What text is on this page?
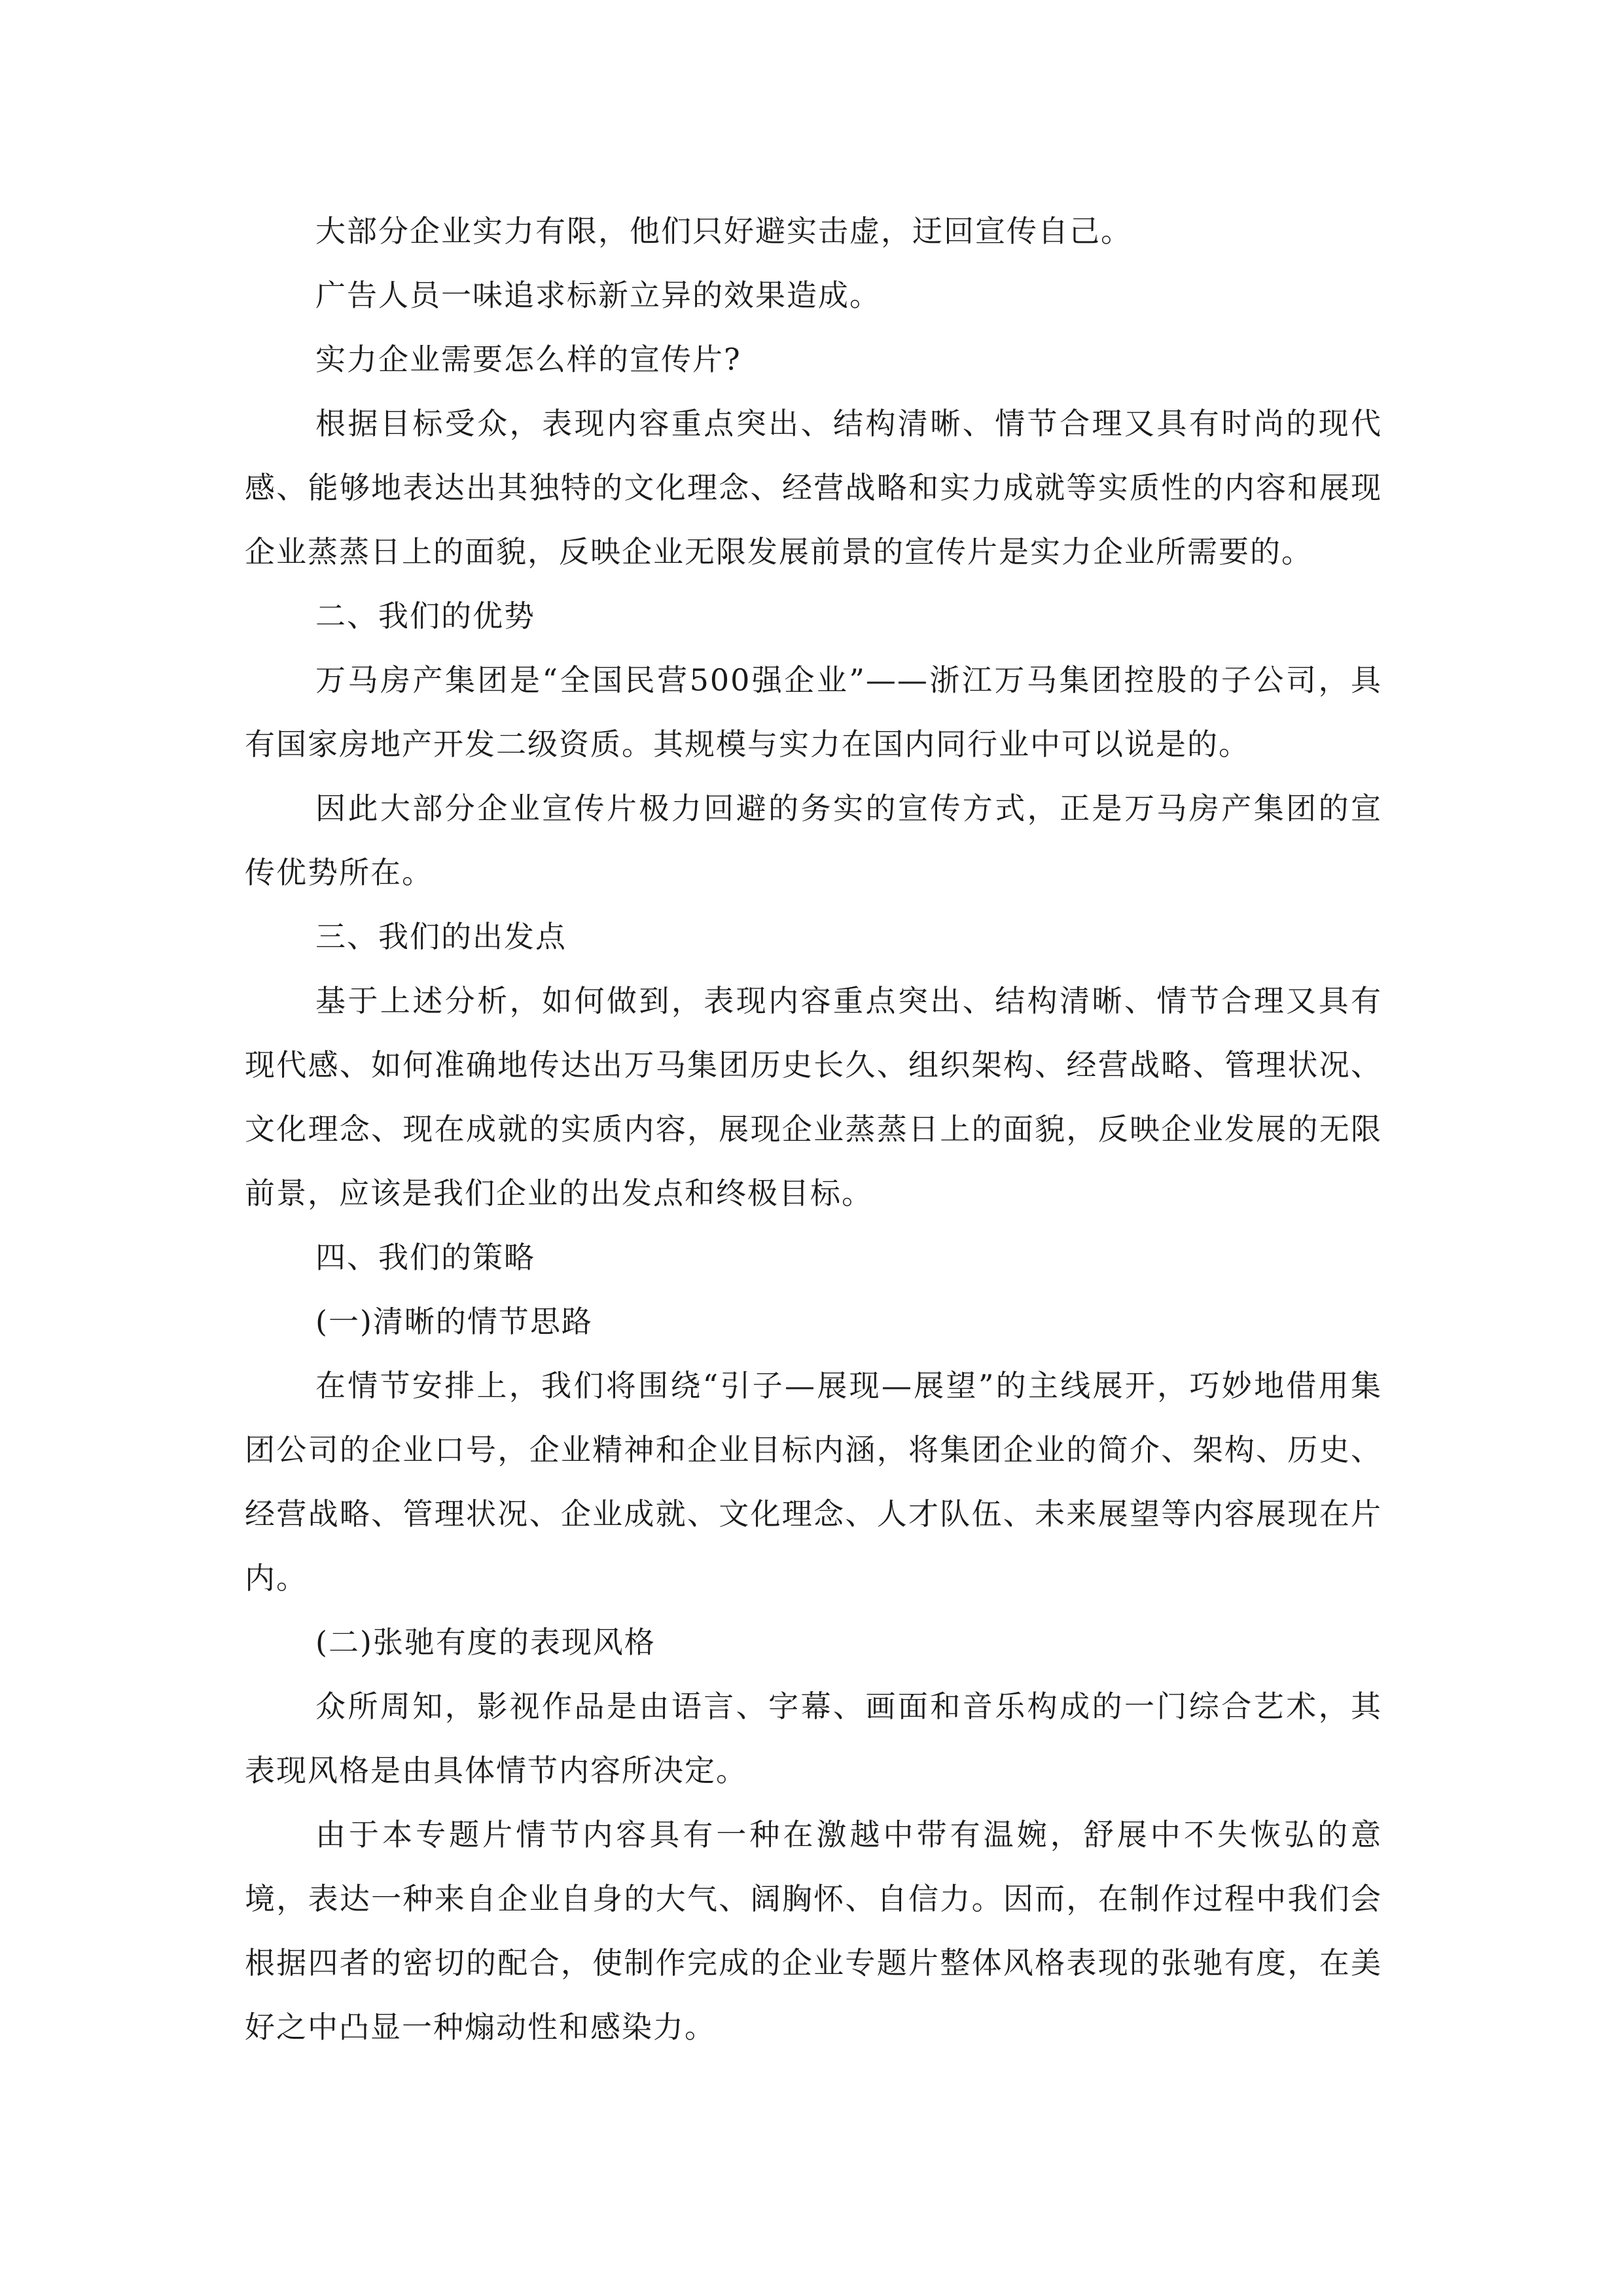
大部分企业实力有限，他们只好避实击虚，迂回宣传自己。

广告人员一味追求标新立异的效果造成。

实力企业需要怎么样的宣传片?

根据目标受众，表现内容重点突出、结构清晰、情节合理又具有时尚的现代感、能够地表达出其独特的文化理念、经营战略和实力成就等实质性的内容和展现企业蒸蒸日上的面貌，反映企业无限发展前景的宣传片是实力企业所需要的。

二、我们的优势

万马房产集团是“全国民营500强企业”——浙江万马集团控股的子公司，具有国家房地产开发二级资质。其规模与实力在国内同行业中可以说是的。

因此大部分企业宣传片极力回避的务实的宣传方式，正是万马房产集团的宣传优势所在。

三、我们的出发点

基于上述分析，如何做到，表现内容重点突出、结构清晰、情节合理又具有现代感、如何准确地传达出万马集团历史长久、组织架构、经营战略、管理状况、文化理念、现在成就的实质内容，展现企业蒸蒸日上的面貌，反映企业发展的无限前景，应该是我们企业的出发点和终极目标。

四、我们的策略

(一)清晰的情节思路

在情节安排上，我们将围绕“引子—展现—展望”的主线展开，巧妙地借用集团公司的企业口号，企业精神和企业目标内涵，将集团企业的简介、架构、历史、经营战略、管理状况、企业成就、文化理念、人才队伍、未来展望等内容展现在片内。

(二)张驰有度的表现风格

众所周知，影视作品是由语言、字幕、画面和音乐构成的一门综合艺术，其表现风格是由具体情节内容所决定。

由于本专题片情节内容具有一种在激越中带有温婉，舒展中不失恢弘的意境，表达一种来自企业自身的大气、阔胸怀、自信力。因而，在制作过程中我们会根据四者的密切的配合，使制作完成的企业专题片整体风格表现的张驰有度，在美好之中凸显一种煽动性和感染力。
